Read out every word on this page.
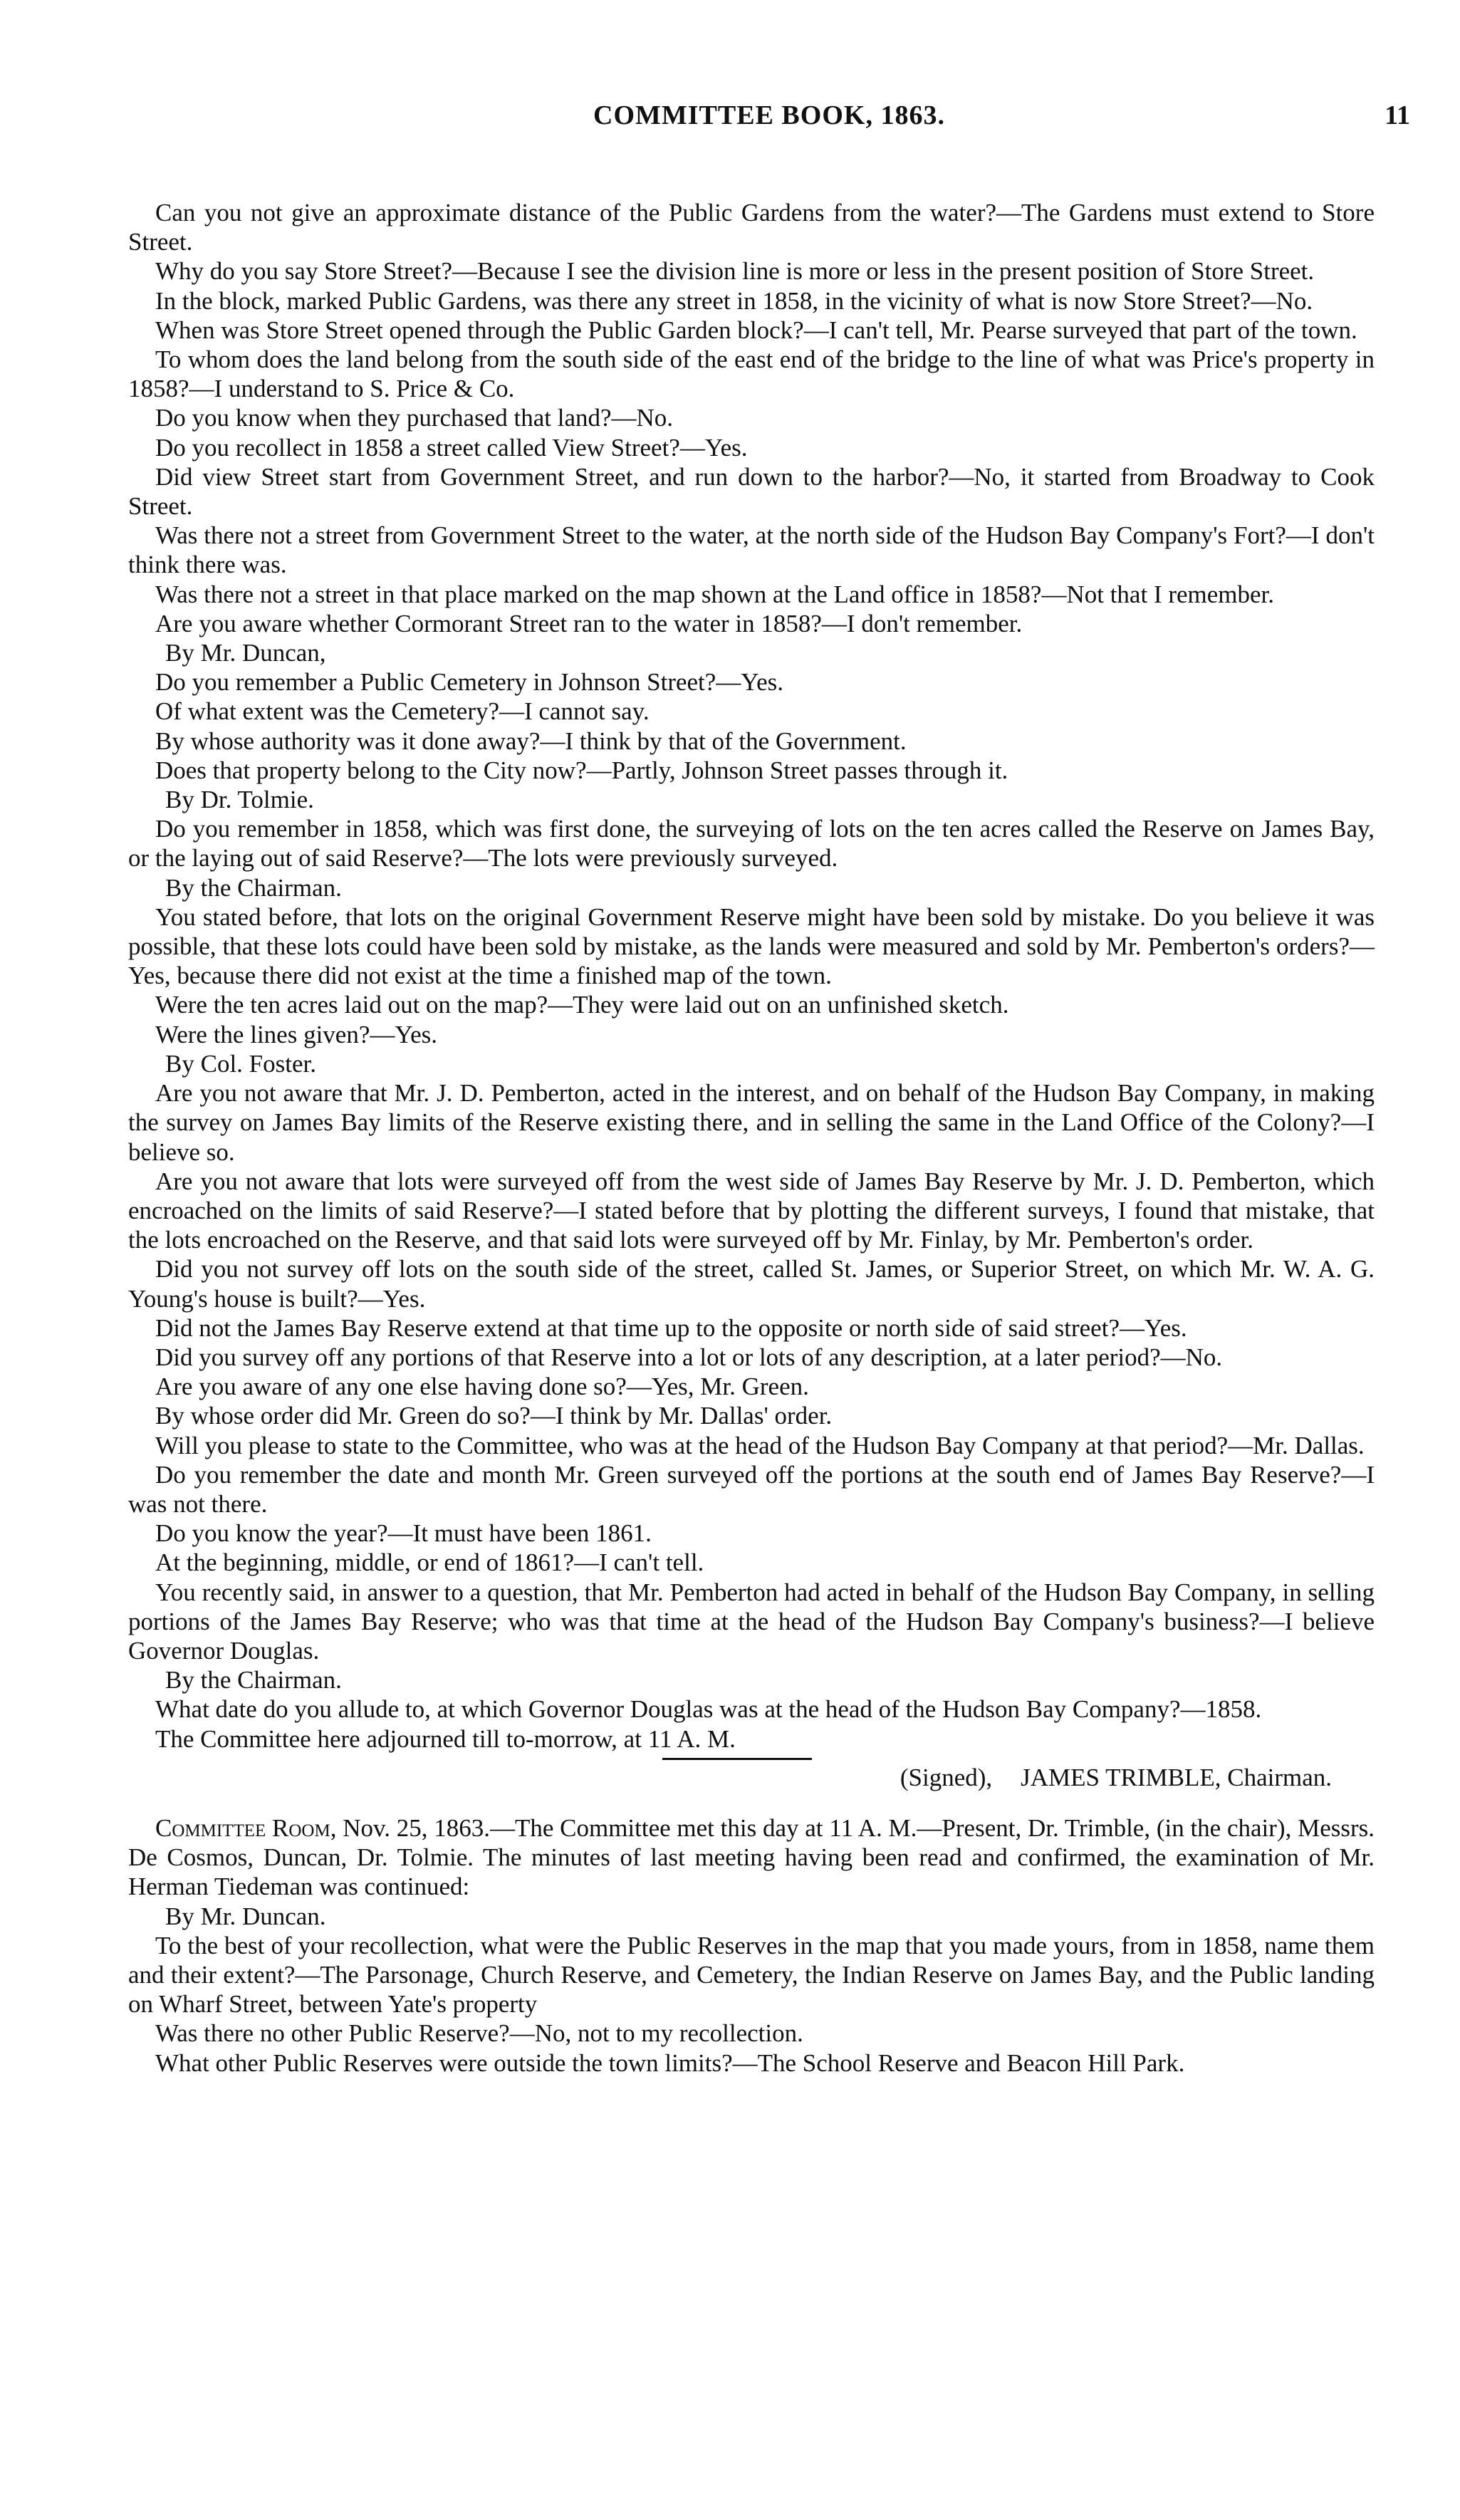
COMMITTEE BOOK, 1863.	11

Can you not give an approximate distance of the Public Gardens from the water?—The Gardens must extend to Store Street.

Why do you say Store Street?—Because I see the division line is more or less in the present position of Store Street.

In the block, marked Public Gardens, was there any street in 1858, in the vicinity of what is now Store Street?—No.

When was Store Street opened through the Public Garden block?—I can't tell, Mr. Pearse surveyed that part of the town.

To whom does the land belong from the south side of the east end of the bridge to the line of what was Price's property in 1858?—I understand to S. Price & Co.

Do you know when they purchased that land?—No.

Do you recollect in 1858 a street called View Street?—Yes.

Did view Street start from Government Street, and run down to the harbor?—No, it started from Broadway to Cook Street.

Was there not a street from Government Street to the water, at the north side of the Hudson Bay Company's Fort?—I don't think there was.

Was there not a street in that place marked on the map shown at the Land office in 1858?—Not that I remember.

Are you aware whether Cormorant Street ran to the water in 1858?—I don't remember.

By Mr. Duncan,

Do you remember a Public Cemetery in Johnson Street?—Yes.

Of what extent was the Cemetery?—I cannot say.

By whose authority was it done away?—I think by that of the Government.

Does that property belong to the City now?—Partly, Johnson Street passes through it.

By Dr. Tolmie.

Do you remember in 1858, which was first done, the surveying of lots on the ten acres called the Reserve on James Bay, or the laying out of said Reserve?—The lots were previously surveyed.

By the Chairman.

You stated before, that lots on the original Government Reserve might have been sold by mistake. Do you believe it was possible, that these lots could have been sold by mistake, as the lands were measured and sold by Mr. Pemberton's orders?—Yes, because there did not exist at the time a finished map of the town.

Were the ten acres laid out on the map?—They were laid out on an unfinished sketch.

Were the lines given?—Yes.

By Col. Foster.

Are you not aware that Mr. J. D. Pemberton, acted in the interest, and on behalf of the Hudson Bay Company, in making the survey on James Bay limits of the Reserve existing there, and in selling the same in the Land Office of the Colony?—I believe so.

Are you not aware that lots were surveyed off from the west side of James Bay Reserve by Mr. J. D. Pemberton, which encroached on the limits of said Reserve?—I stated before that by plotting the different surveys, I found that mistake, that the lots encroached on the Reserve, and that said lots were surveyed off by Mr. Finlay, by Mr. Pemberton's order.

Did you not survey off lots on the south side of the street, called St. James, or Superior Street, on which Mr. W. A. G. Young's house is built?—Yes.

Did not the James Bay Reserve extend at that time up to the opposite or north side of said street?—Yes.

Did you survey off any portions of that Reserve into a lot or lots of any description, at a later period?—No.

Are you aware of any one else having done so?—Yes, Mr. Green.

By whose order did Mr. Green do so?—I think by Mr. Dallas' order.

Will you please to state to the Committee, who was at the head of the Hudson Bay Company at that period?—Mr. Dallas.

Do you remember the date and month Mr. Green surveyed off the portions at the south end of James Bay Reserve?—I was not there.

Do you know the year?—It must have been 1861.

At the beginning, middle, or end of 1861?—I can't tell.

You recently said, in answer to a question, that Mr. Pemberton had acted in behalf of the Hudson Bay Company, in selling portions of the James Bay Reserve; who was that time at the head of the Hudson Bay Company's business?—I believe Governor Douglas.

By the Chairman.

What date do you allude to, at which Governor Douglas was at the head of the Hudson Bay Company?—1858.

The Committee here adjourned till to-morrow, at 11 A. M.

(Signed), JAMES TRIMBLE, Chairman.

Committee Room, Nov. 25, 1863.—The Committee met this day at 11 A. M.—Present, Dr. Trimble, (in the chair), Messrs. De Cosmos, Duncan, Dr. Tolmie. The minutes of last meeting having been read and confirmed, the examination of Mr. Herman Tiedeman was continued:

By Mr. Duncan.

To the best of your recollection, what were the Public Reserves in the map that you made yours, from in 1858, name them and their extent?—The Parsonage, Church Reserve, and Cemetery, the Indian Reserve on James Bay, and the Public landing on Wharf Street, between Yate's property

Was there no other Public Reserve?—No, not to my recollection.

What other Public Reserves were outside the town limits?—The School Reserve and Beacon Hill Park.
